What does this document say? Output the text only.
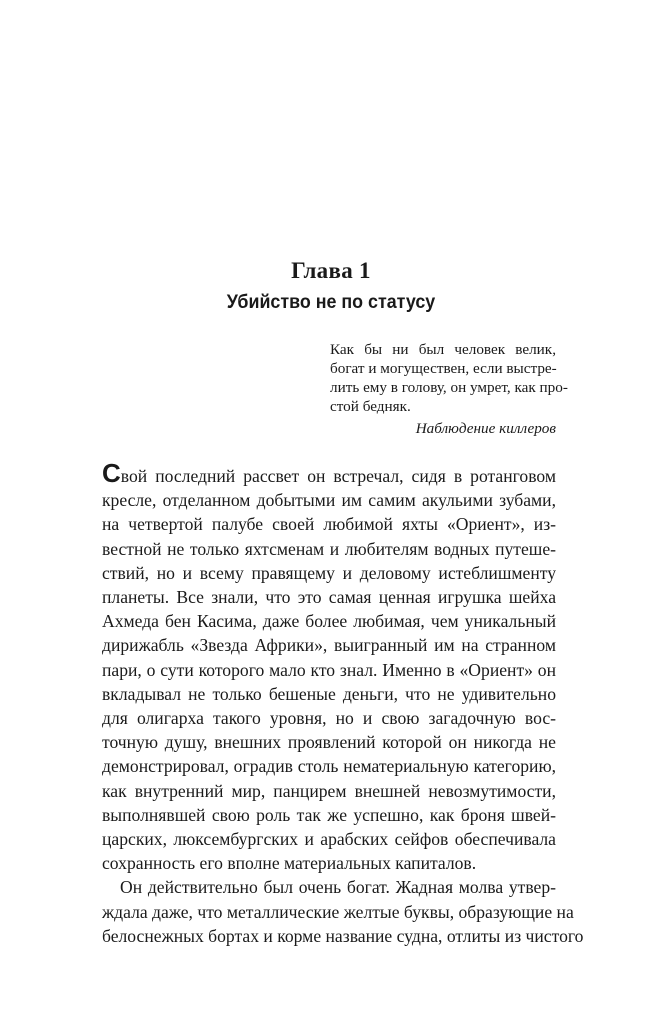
Глава 1
Убийство не по статусу
Как бы ни был человек велик,
богат и могуществен, если выстре-
лить ему в голову, он умрет, как про-
стой бедняк.
Наблюдение киллеров
Свой последний рассвет он встречал, сидя в ротанговом
кресле, отделанном добытыми им самим акульими зубами,
на четвертой палубе своей любимой яхты «Ориент», из-
вестной не только яхтсменам и любителям водных путеше-
ствий, но и всему правящему и деловому истеблишменту
планеты. Все знали, что это самая ценная игрушка шейха
Ахмеда бен Касима, даже более любимая, чем уникальный
дирижабль «Звезда Африки», выигранный им на странном
пари, о сути которого мало кто знал. Именно в «Ориент» он
вкладывал не только бешеные деньги, что не удивительно
для олигарха такого уровня, но и свою загадочную вос-
точную душу, внешних проявлений которой он никогда не
демонстрировал, оградив столь нематериальную категорию,
как внутренний мир, панцирем внешней невозмутимости,
выполнявшей свою роль так же успешно, как броня швей-
царских, люксембургских и арабских сейфов обеспечивала
сохранность его вполне материальных капиталов.
Он действительно был очень богат. Жадная молва утвер-
ждала даже, что металлические желтые буквы, образующие на
белоснежных бортах и корме название судна, отлиты из чистого
